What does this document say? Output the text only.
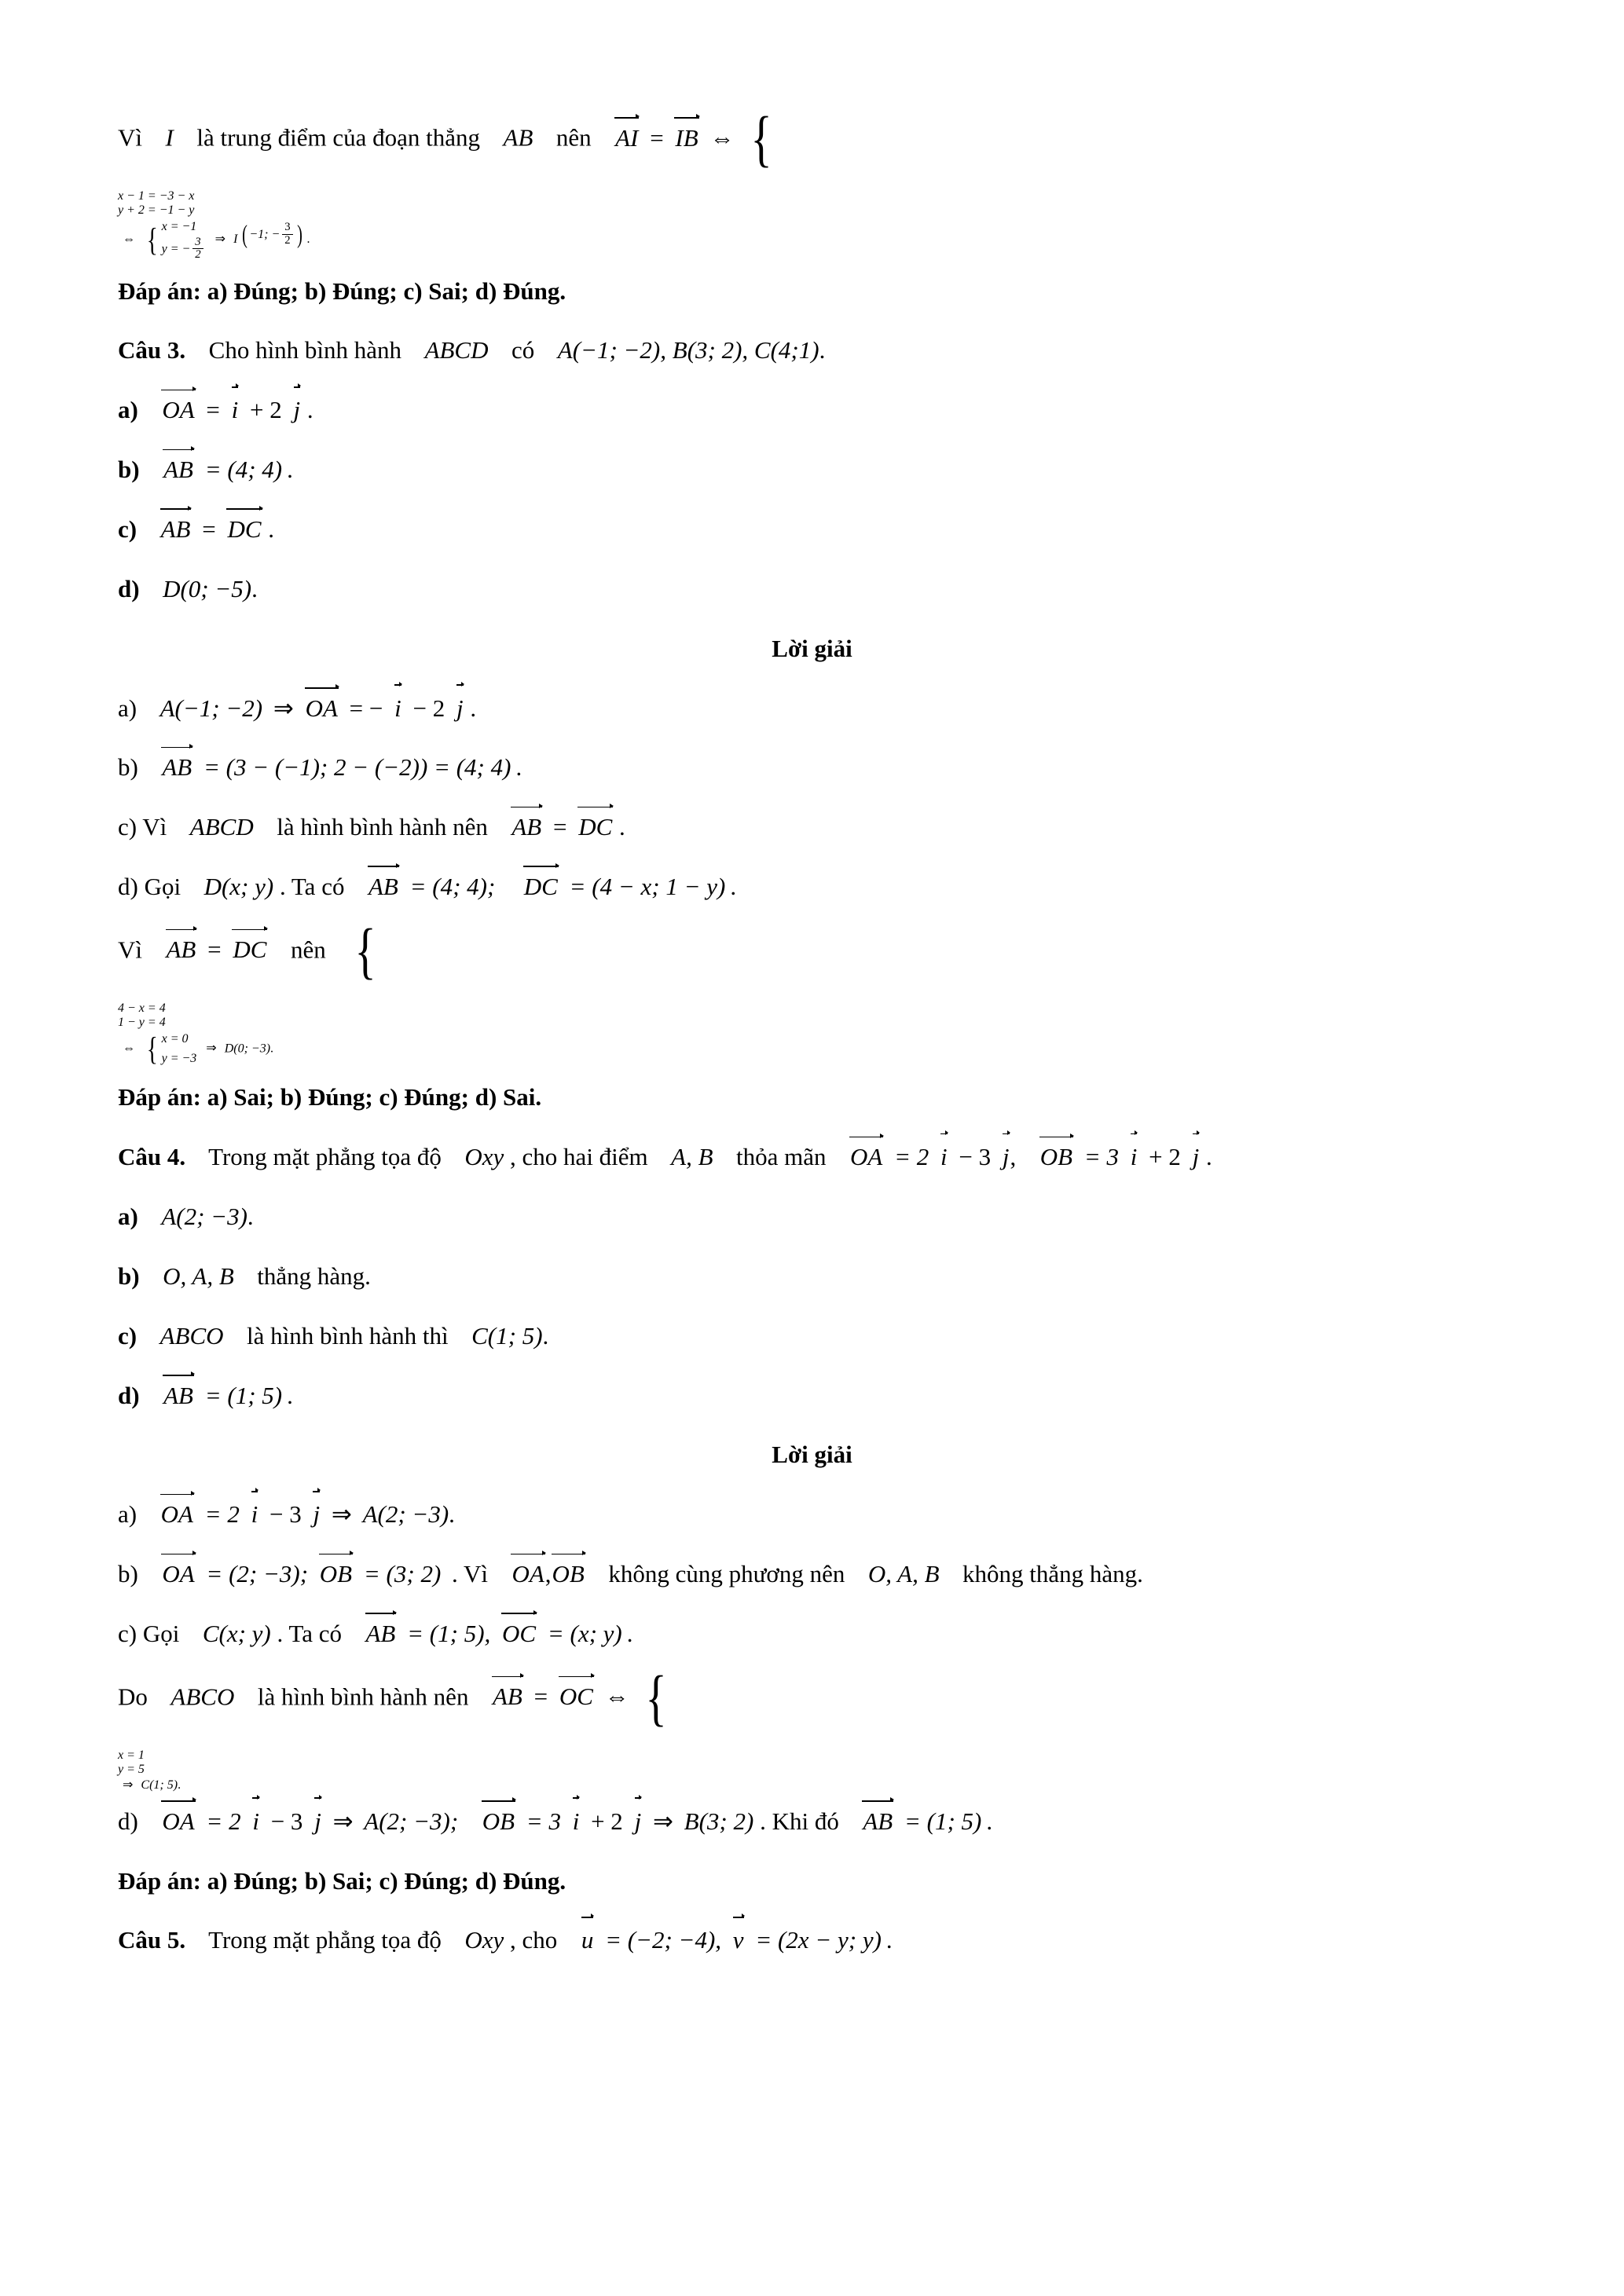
Vì I là trung điểm của đoạn thẳng AB nên AI = IB ⇔ {

x − 1 = −3 − x
y + 2 = −1 − y
⇔ { x = −1
y = − $\frac{3}{2}$ ⇒ I ( −1; − $\frac{3}{2}$ ) .

Đáp án: a) Đúng; b) Đúng; c) Sai; d) Đúng.

Câu 3. Cho hình bình hành ABCD có A(−1; −2), B(3; 2), C(4;1).

a) OA = i + 2 j .

b) AB = (4; 4) .

c) AB = DC .

d) D(0; −5).

Lời giải

a) A(−1; −2) ⇒ OA = − i − 2 j .

b) AB = (3 − (−1); 2 − (−2)) = (4; 4) .

c) Vì ABCD là hình bình hành nên AB = DC .

d) Gọi D(x; y) . Ta có AB = (4; 4); DC = (4 − x; 1 − y) .

Vì AB = DC nên {

4 − x = 4
1 − y = 4
⇔ { x = 0
y = −3
⇒ D(0; −3).

Đáp án: a) Sai; b) Đúng; c) Đúng; d) Sai.

Câu 4. Trong mặt phẳng tọa độ Oxy , cho hai điểm A, B thỏa mãn OA = 2 i − 3 j, OB = 3 i + 2 j .

a) A(2; −3).

b) O, A, B thẳng hàng.

c) ABCO là hình bình hành thì C(1; 5).

d) AB = (1; 5) .

Lời giải

a) OA = 2 i − 3 j ⇒ A(2; −3).

b) OA = (2; −3); OB = (3; 2) . Vì OA,OB không cùng phương nên O, A, B không thẳng hàng.

c) Gọi C(x; y) . Ta có AB = (1; 5), OC = (x; y) .

Do ABCO là hình bình hành nên AB = OC ⇔ {

x = 1
y = 5
⇒ C(1; 5).

d) OA = 2 i − 3 j ⇒ A(2; −3); OB = 3 i + 2 j ⇒ B(3; 2) . Khi đó AB = (1; 5) .

Đáp án: a) Đúng; b) Sai; c) Đúng; d) Đúng.

Câu 5. Trong mặt phẳng tọa độ Oxy , cho u = (−2; −4), v = (2x − y; y) .
